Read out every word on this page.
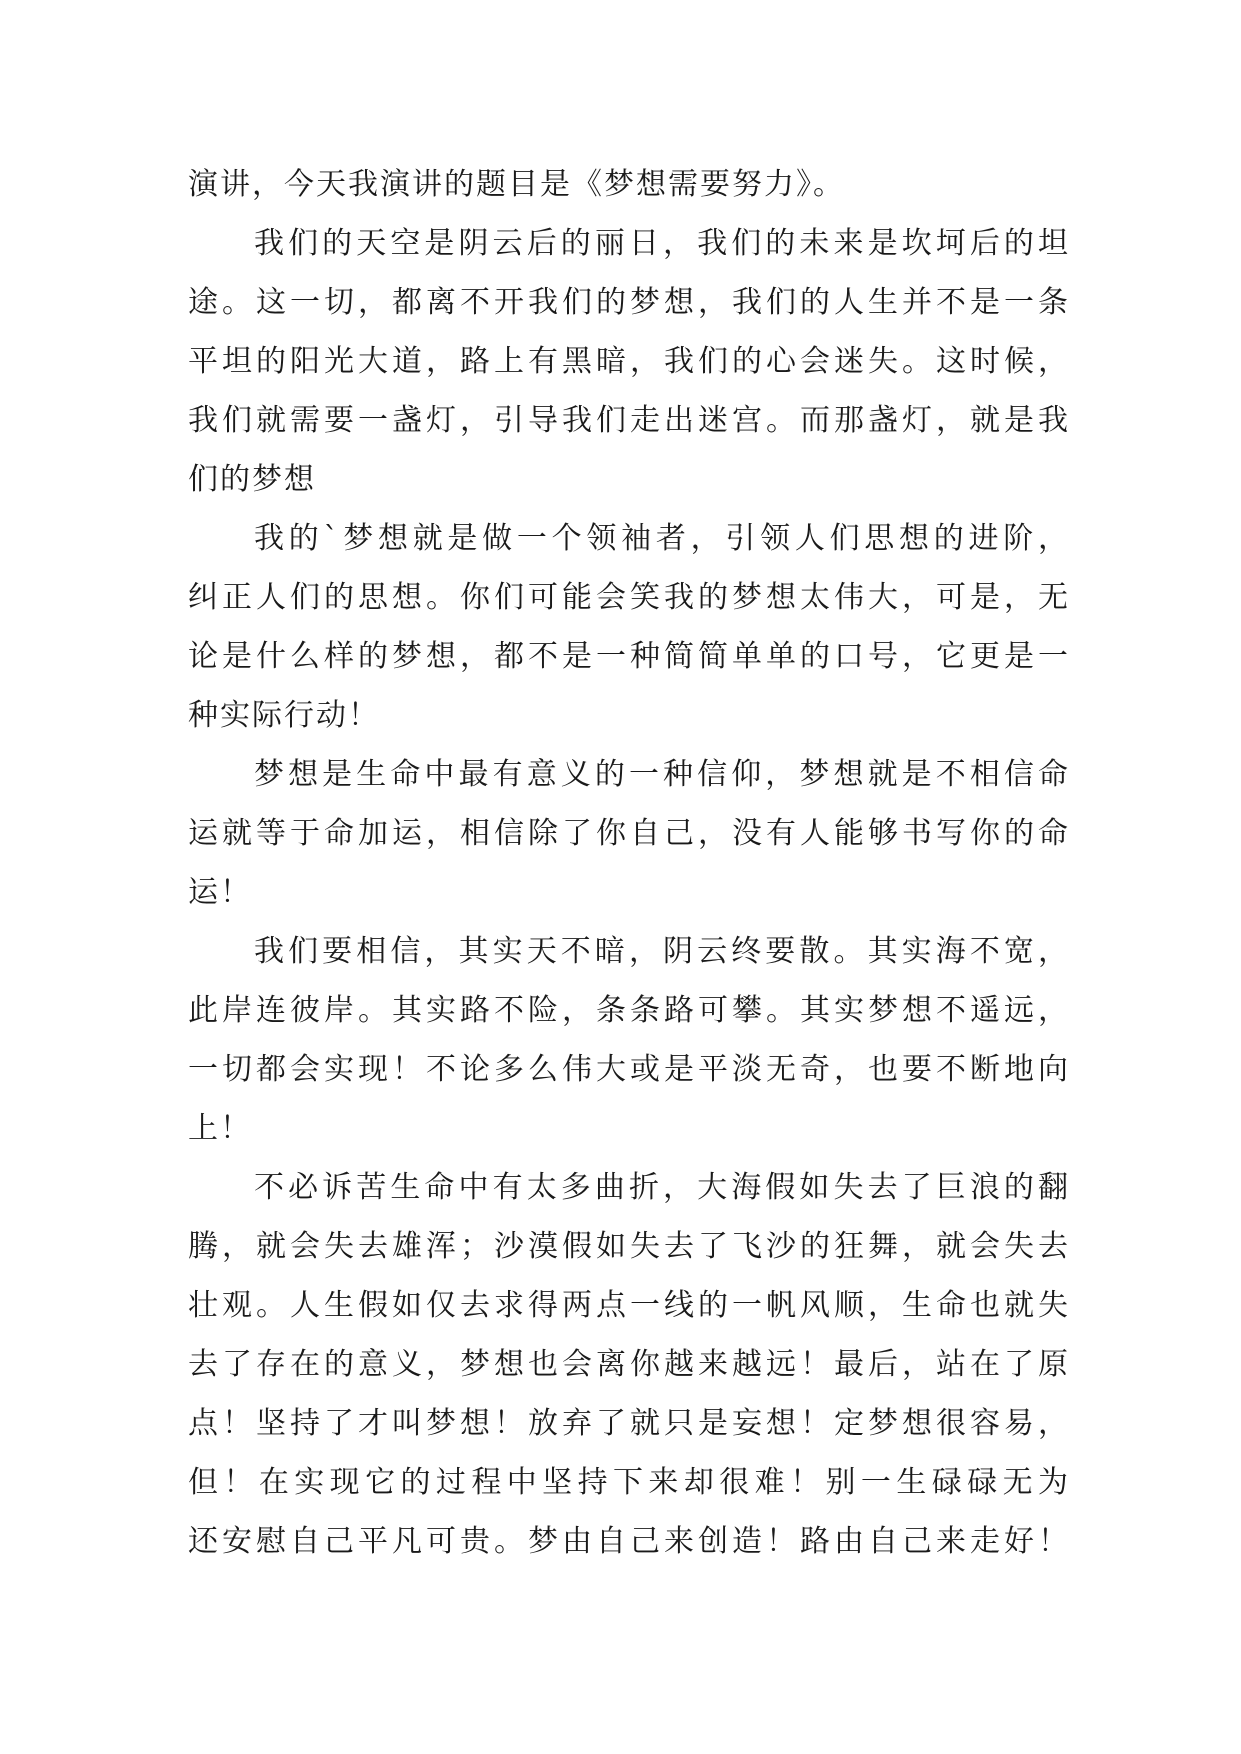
演讲，今天我演讲的题目是《梦想需要努力》。
我们的天空是阴云后的丽日，我们的未来是坎坷后的坦
途。这一切，都离不开我们的梦想，我们的人生并不是一条
平坦的阳光大道，路上有黑暗，我们的心会迷失。这时候，
我们就需要一盏灯，引导我们走出迷宫。而那盏灯，就是我
们的梦想
我的`梦想就是做一个领袖者，引领人们思想的进阶，
纠正人们的思想。你们可能会笑我的梦想太伟大，可是，无
论是什么样的梦想，都不是一种简简单单的口号，它更是一
种实际行动！
梦想是生命中最有意义的一种信仰，梦想就是不相信命
运就等于命加运，相信除了你自己，没有人能够书写你的命
运！
我们要相信，其实天不暗，阴云终要散。其实海不宽，
此岸连彼岸。其实路不险，条条路可攀。其实梦想不遥远，
一切都会实现！不论多么伟大或是平淡无奇，也要不断地向
上！
不必诉苦生命中有太多曲折，大海假如失去了巨浪的翻
腾，就会失去雄浑；沙漠假如失去了飞沙的狂舞，就会失去
壮观。人生假如仅去求得两点一线的一帆风顺，生命也就失
去了存在的意义，梦想也会离你越来越远！最后，站在了原
点！坚持了才叫梦想！放弃了就只是妄想！定梦想很容易，
但！在实现它的过程中坚持下来却很难！别一生碌碌无为
还安慰自己平凡可贵。梦由自己来创造！路由自己来走好！
